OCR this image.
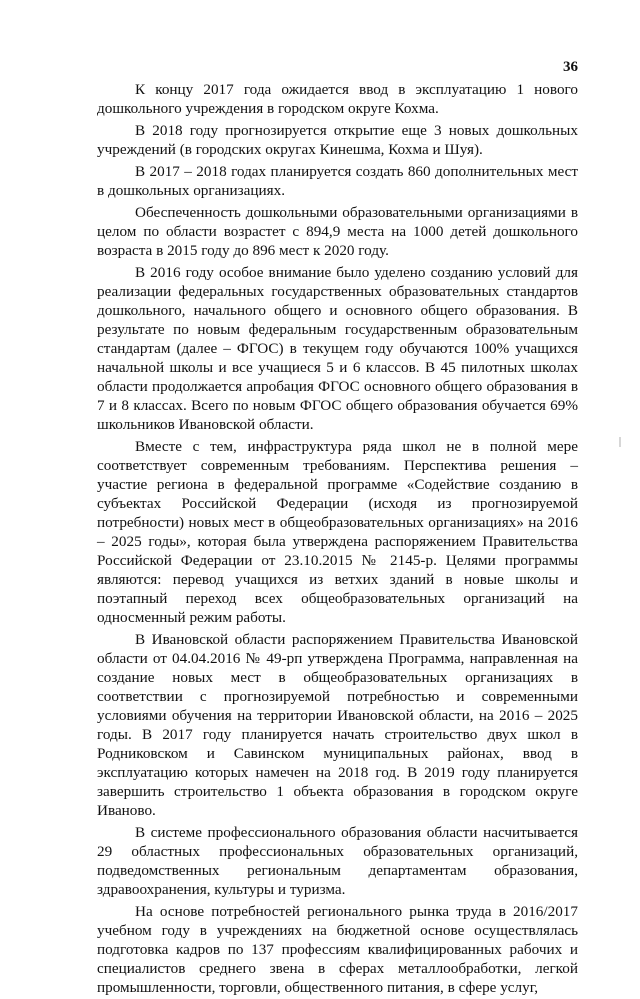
36

К концу 2017 года ожидается ввод в эксплуатацию 1 нового дошкольного учреждения в городском округе Кохма.

В 2018 году прогнозируется открытие еще 3 новых дошкольных учреждений (в городских округах Кинешма, Кохма и Шуя).

В 2017 – 2018 годах планируется создать 860 дополнительных мест в дошкольных организациях.

Обеспеченность дошкольными образовательными организациями в целом по области возрастет с 894,9 места на 1000 детей дошкольного возраста в 2015 году до 896 мест к 2020 году.

В 2016 году особое внимание было уделено созданию условий для реализации федеральных государственных образовательных стандартов дошкольного, начального общего и основного общего образования. В результате по новым федеральным государственным образовательным стандартам (далее – ФГОС) в текущем году обучаются 100% учащихся начальной школы и все учащиеся 5 и 6 классов. В 45 пилотных школах области продолжается апробация ФГОС основного общего образования в 7 и 8 классах. Всего по новым ФГОС общего образования обучается 69% школьников Ивановской области.

Вместе с тем, инфраструктура ряда школ не в полной мере соответствует современным требованиям. Перспектива решения – участие региона в федеральной программе «Содействие созданию в субъектах Российской Федерации (исходя из прогнозируемой потребности) новых мест в общеобразовательных организациях» на 2016 – 2025 годы», которая была утверждена распоряжением Правительства Российской Федерации от 23.10.2015 № 2145-р. Целями программы являются: перевод учащихся из ветхих зданий в новые школы и поэтапный переход всех общеобразовательных организаций на односменный режим работы.

В Ивановской области распоряжением Правительства Ивановской области от 04.04.2016 № 49-рп утверждена Программа, направленная на создание новых мест в общеобразовательных организациях в соответствии с прогнозируемой потребностью и современными условиями обучения на территории Ивановской области, на 2016 – 2025 годы. В 2017 году планируется начать строительство двух школ в Родниковском и Савинском муниципальных районах, ввод в эксплуатацию которых намечен на 2018 год. В 2019 году планируется завершить строительство 1 объекта образования в городском округе Иваново.

В системе профессионального образования области насчитывается 29 областных профессиональных образовательных организаций, подведомственных региональным департаментам образования, здравоохранения, культуры и туризма.

На основе потребностей регионального рынка труда в 2016/2017 учебном году в учреждениях на бюджетной основе осуществлялась подготовка кадров по 137 профессиям квалифицированных рабочих и специалистов среднего звена в сферах металлообработки, легкой промышленности, торговли, общественного питания, в сфере услуг,
